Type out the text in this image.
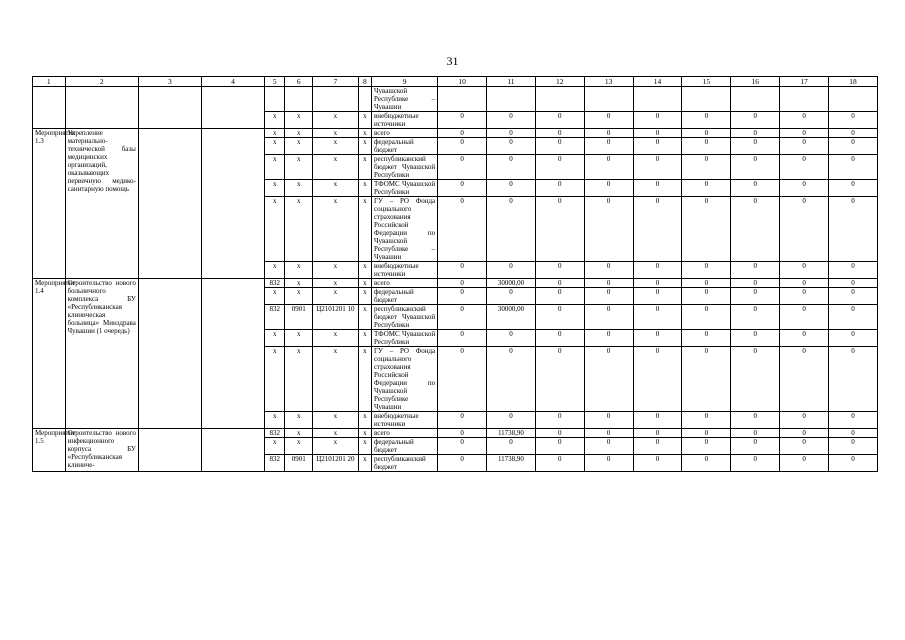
31
1	2	3	4	5	6	7	8	9	10	11	12	13	14	15	16	17	18
								Чувашской Республике – Чувашии									
				х	х	х	х	внебюджетные источники	0	0	0	0	0	0	0	0	0
Мероприятие 1.3	Укрепление материально-технической базы медицинских организаций, оказывающих первичную медико-санитарную помощь			х	х	х	х	всего	0	0	0	0	0	0	0	0	0
				х	х	х	х	федеральный бюджет	0	0	0	0	0	0	0	0	0
				х	х	х	х	республиканский бюджет Чувашской Республики	0	0	0	0	0	0	0	0	0
				х	х	х	х	ТФОМС Чувашской Республики	0	0	0	0	0	0	0	0	0
				х	х	х	х	ГУ – РО Фонда социального страхования Российской Федерации по Чувашской Республике – Чувашии	0	0	0	0	0	0	0	0	0
				х	х	х	х	внебюджетные источники	0	0	0	0	0	0	0	0	0
Мероприятие 1.4	Строительство нового больничного комплекса БУ «Республиканская клиническая больница» Минздрава Чувашии (1 очередь)			832	х	х	х	всего	0	30000,00	0	0	0	0	0	0	0
				х	х	х	х	федеральный бюджет	0	0	0	0	0	0	0	0	0
				832	0901	Ц2101201 10	х	республиканский бюджет Чувашской Республики	0	30000,00	0	0	0	0	0	0	0
				х	х	х	х	ТФОМС Чувашской Республики	0	0	0	0	0	0	0	0	0
				х	х	х	х	ГУ – РО Фонда социального страхования Российской Федерации по Чувашской Республике Чувашии	0	0	0	0	0	0	0	0	0
				х	х	х	х	внебюджетные источники	0	0	0	0	0	0	0	0	0
Мероприятие 1.5	Строительство нового инфекционного корпуса БУ «Республиканская клиниче-			832	х	х	х	всего	0	11738,90	0	0	0	0	0	0	0
				х	х	х	х	федеральный бюджет	0	0	0	0	0	0	0	0	0
				832	0901	Ц2101201 20	х	республиканский бюджет	0	11738,90	0	0	0	0	0	0	0
